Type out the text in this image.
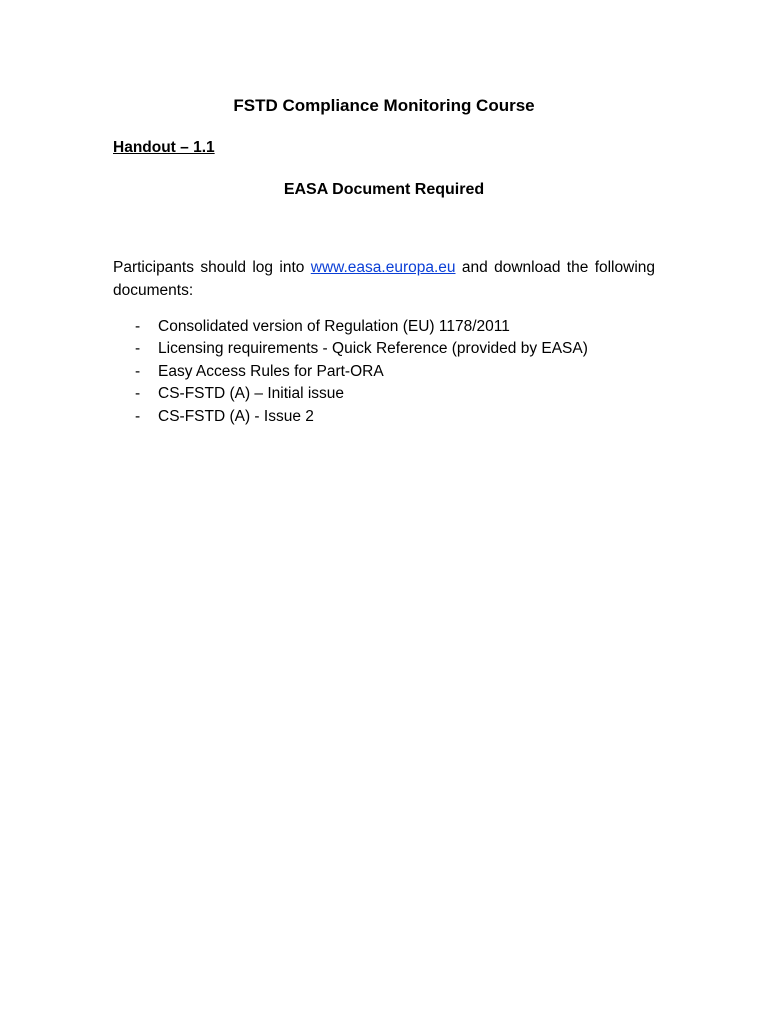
FSTD Compliance Monitoring Course
Handout – 1.1
EASA Document Required

Participants should log into www.easa.europa.eu and download the following documents:

- Consolidated version of Regulation (EU) 1178/2011
- Licensing requirements - Quick Reference (provided by EASA)
- Easy Access Rules for Part-ORA
- CS-FSTD (A) – Initial issue
- CS-FSTD (A) - Issue 2
